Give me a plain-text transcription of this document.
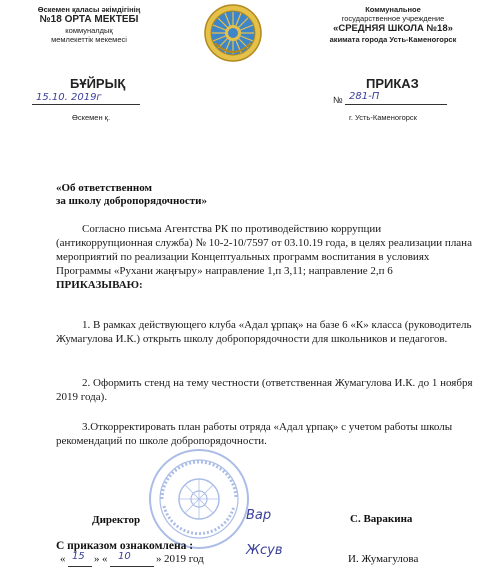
Өскемен қаласы әкімдігінің
№18 ОРТА МЕКТЕБІ
коммуналдық
мемлекеттік мекемесі
Коммунальное
государственное учреждение
«СРЕДНЯЯ ШКОЛА №18»
акимата города Усть-Каменогорск
БҰЙРЫҚ	ПРИКАЗ
15.10. 2019г	№ 281-П
Өскемен қ.	г. Усть-Каменогорск
«Об ответственном
за школу добропорядочности»
Согласно письма Агентства РК по противодействию коррупции (антикоррупционная служба) № 10-2-10/7597 от 03.10.19 года, в целях реализации плана мероприятий по реализации Концептуальных программ воспитания в условиях Программы «Рухани жаңғыру» направление 1,п 3,11; направление 2,п 6 ПРИКАЗЫВАЮ:
1. В рамках действующего клуба «Адал ұрпақ» на базе 6 «К» класса (руководитель Жумагулова И.К.) открыть школу добропорядочности для школьников и педагогов.
2. Оформить стенд на тему честности (ответственная Жумагулова И.К. до 1 ноября 2019 года).
3.Откорректировать план работы отряда «Адал ұрпақ» с учетом работы школы рекомендаций по школе добропорядочности.
Директор	Вар	С. Варакина
С приказом ознакомлена :
« 15 » « 10 » 2019 год
Жсув
И. Жумагулова
